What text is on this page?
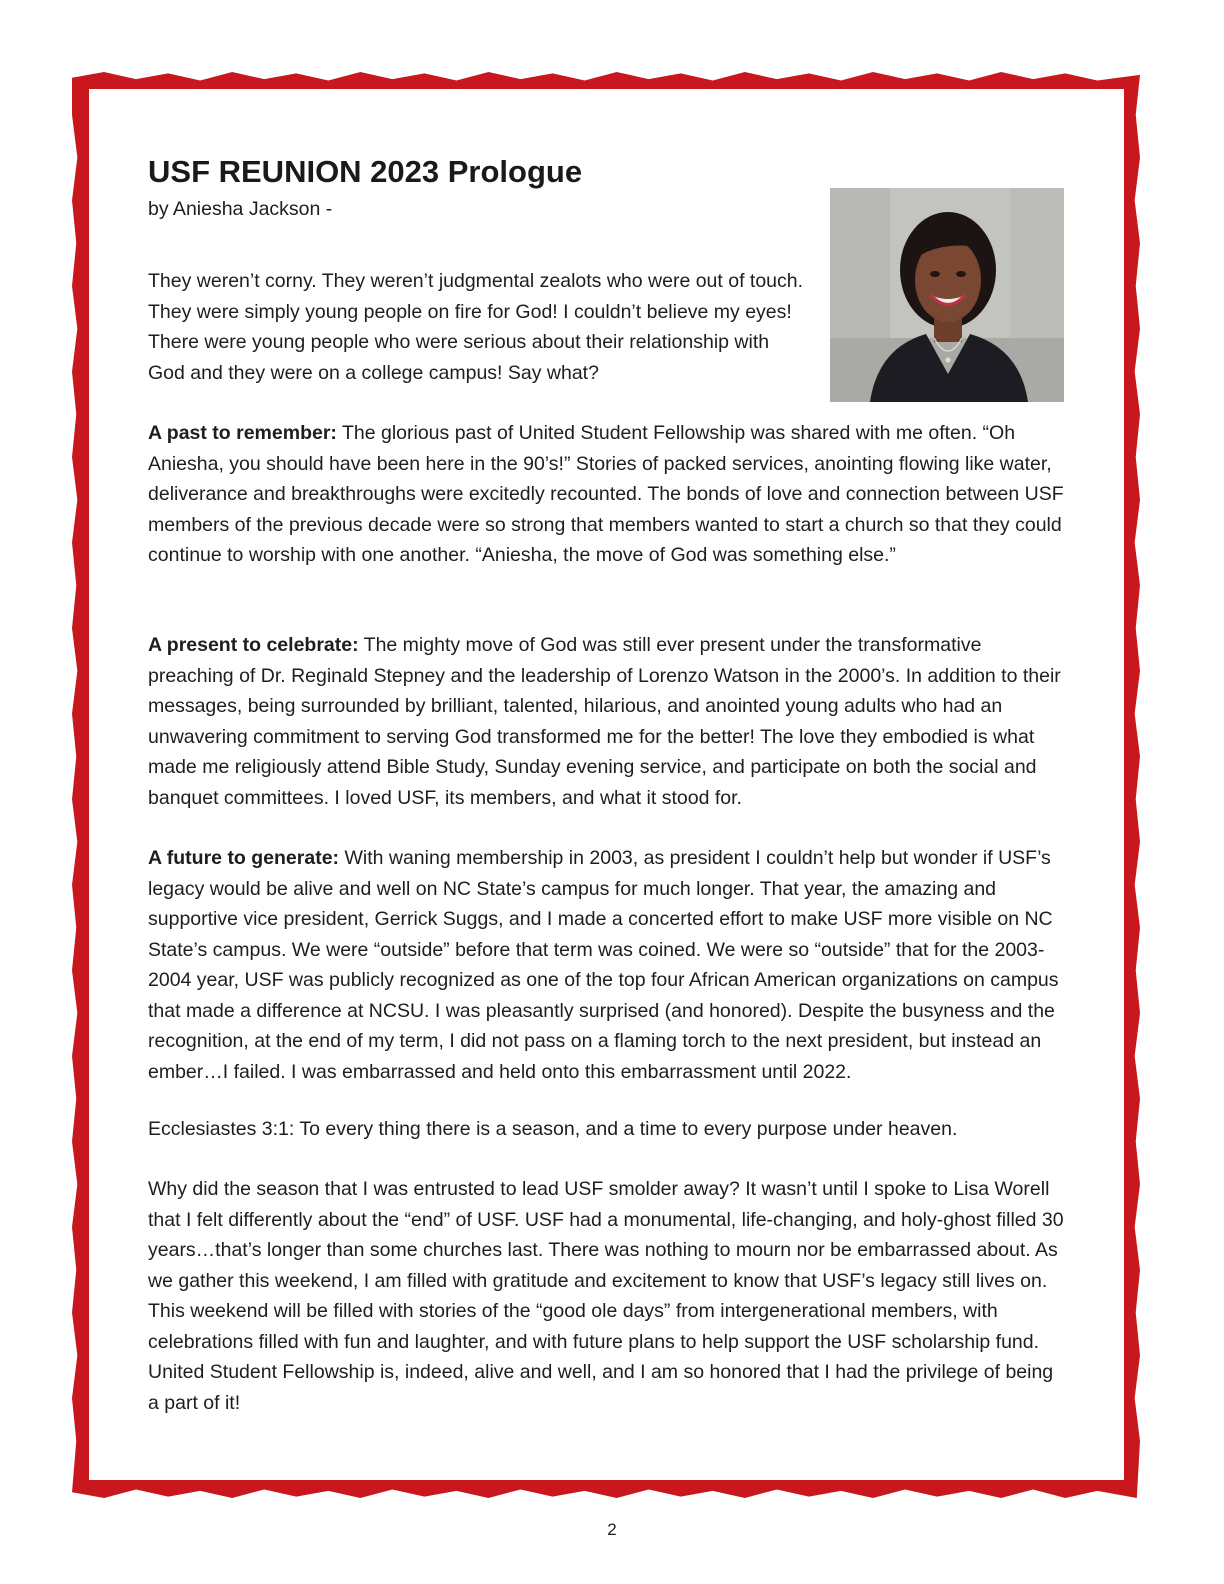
USF REUNION 2023 Prologue

by Aniesha Jackson -

They weren’t corny. They weren’t judgmental zealots who were out of touch. They were simply young people on fire for God! I couldn’t believe my eyes! There were young people who were serious about their relationship with God and they were on a college campus! Say what?

A past to remember: The glorious past of United Student Fellowship was shared with me often. “Oh Aniesha, you should have been here in the 90’s!” Stories of packed services, anointing flowing like water, deliverance and breakthroughs were excitedly recounted. The bonds of love and connection between USF members of the previous decade were so strong that members wanted to start a church so that they could continue to worship with one another. “Aniesha, the move of God was something else.”

A present to celebrate: The mighty move of God was still ever present under the transformative preaching of Dr. Reginald Stepney and the leadership of Lorenzo Watson in the 2000’s. In addition to their messages, being surrounded by brilliant, talented, hilarious, and anointed young adults who had an unwavering commitment to serving God transformed me for the better! The love they embodied is what made me religiously attend Bible Study, Sunday evening service, and participate on both the social and banquet committees. I loved USF, its members, and what it stood for.

A future to generate: With waning membership in 2003, as president I couldn’t help but wonder if USF’s legacy would be alive and well on NC State’s campus for much longer. That year, the amazing and supportive vice president, Gerrick Suggs, and I made a concerted effort to make USF more visible on NC State’s campus. We were “outside” before that term was coined. We were so “outside” that for the 2003-2004 year, USF was publicly recognized as one of the top four African American organizations on campus that made a difference at NCSU. I was pleasantly surprised (and honored). Despite the busyness and the recognition, at the end of my term, I did not pass on a flaming torch to the next president, but instead an ember…I failed. I was embarrassed and held onto this embarrassment until 2022.

Ecclesiastes 3:1: To every thing there is a season, and a time to every purpose under heaven.

Why did the season that I was entrusted to lead USF smolder away? It wasn’t until I spoke to Lisa Worell that I felt differently about the “end” of USF. USF had a monumental, life-changing, and holy-ghost filled 30 years…that’s longer than some churches last. There was nothing to mourn nor be embarrassed about. As we gather this weekend, I am filled with gratitude and excitement to know that USF’s legacy still lives on. This weekend will be filled with stories of the “good ole days” from intergenerational members, with celebrations filled with fun and laughter, and with future plans to help support the USF scholarship fund. United Student Fellowship is, indeed, alive and well, and I am so honored that I had the privilege of being a part of it!

2
